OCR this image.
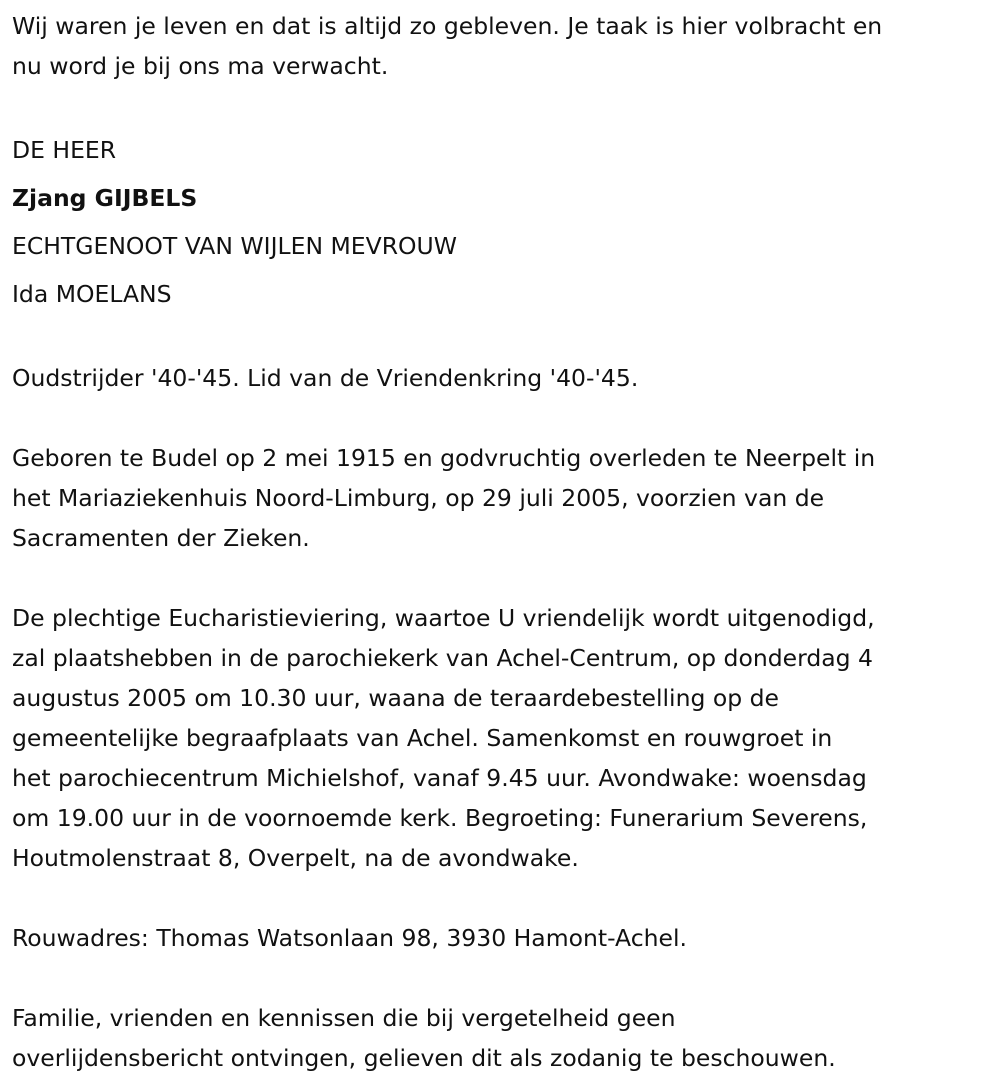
Wij waren je leven en dat is altijd zo gebleven. Je taak is hier volbracht en
nu word je bij ons ma verwacht.

DE HEER

Zjang GIJBELS

ECHTGENOOT VAN WIJLEN MEVROUW

Ida MOELANS

Oudstrijder '40-'45. Lid van de Vriendenkring '40-'45.

Geboren te Budel op 2 mei 1915 en godvruchtig overleden te Neerpelt in
het Mariaziekenhuis Noord-Limburg, op 29 juli 2005, voorzien van de
Sacramenten der Zieken.

De plechtige Eucharistieviering, waartoe U vriendelijk wordt uitgenodigd,
zal plaatshebben in de parochiekerk van Achel-Centrum, op donderdag 4
augustus 2005 om 10.30 uur, waana de teraardebestelling op de
gemeentelijke begraafplaats van Achel. Samenkomst en rouwgroet in
het parochiecentrum Michielshof, vanaf 9.45 uur. Avondwake: woensdag
om 19.00 uur in de voornoemde kerk. Begroeting: Funerarium Severens,
Houtmolenstraat 8, Overpelt, na de avondwake.

Rouwadres: Thomas Watsonlaan 98, 3930 Hamont-Achel.

Familie, vrienden en kennissen die bij vergetelheid geen
overlijdensbericht ontvingen, gelieven dit als zodanig te beschouwen.
